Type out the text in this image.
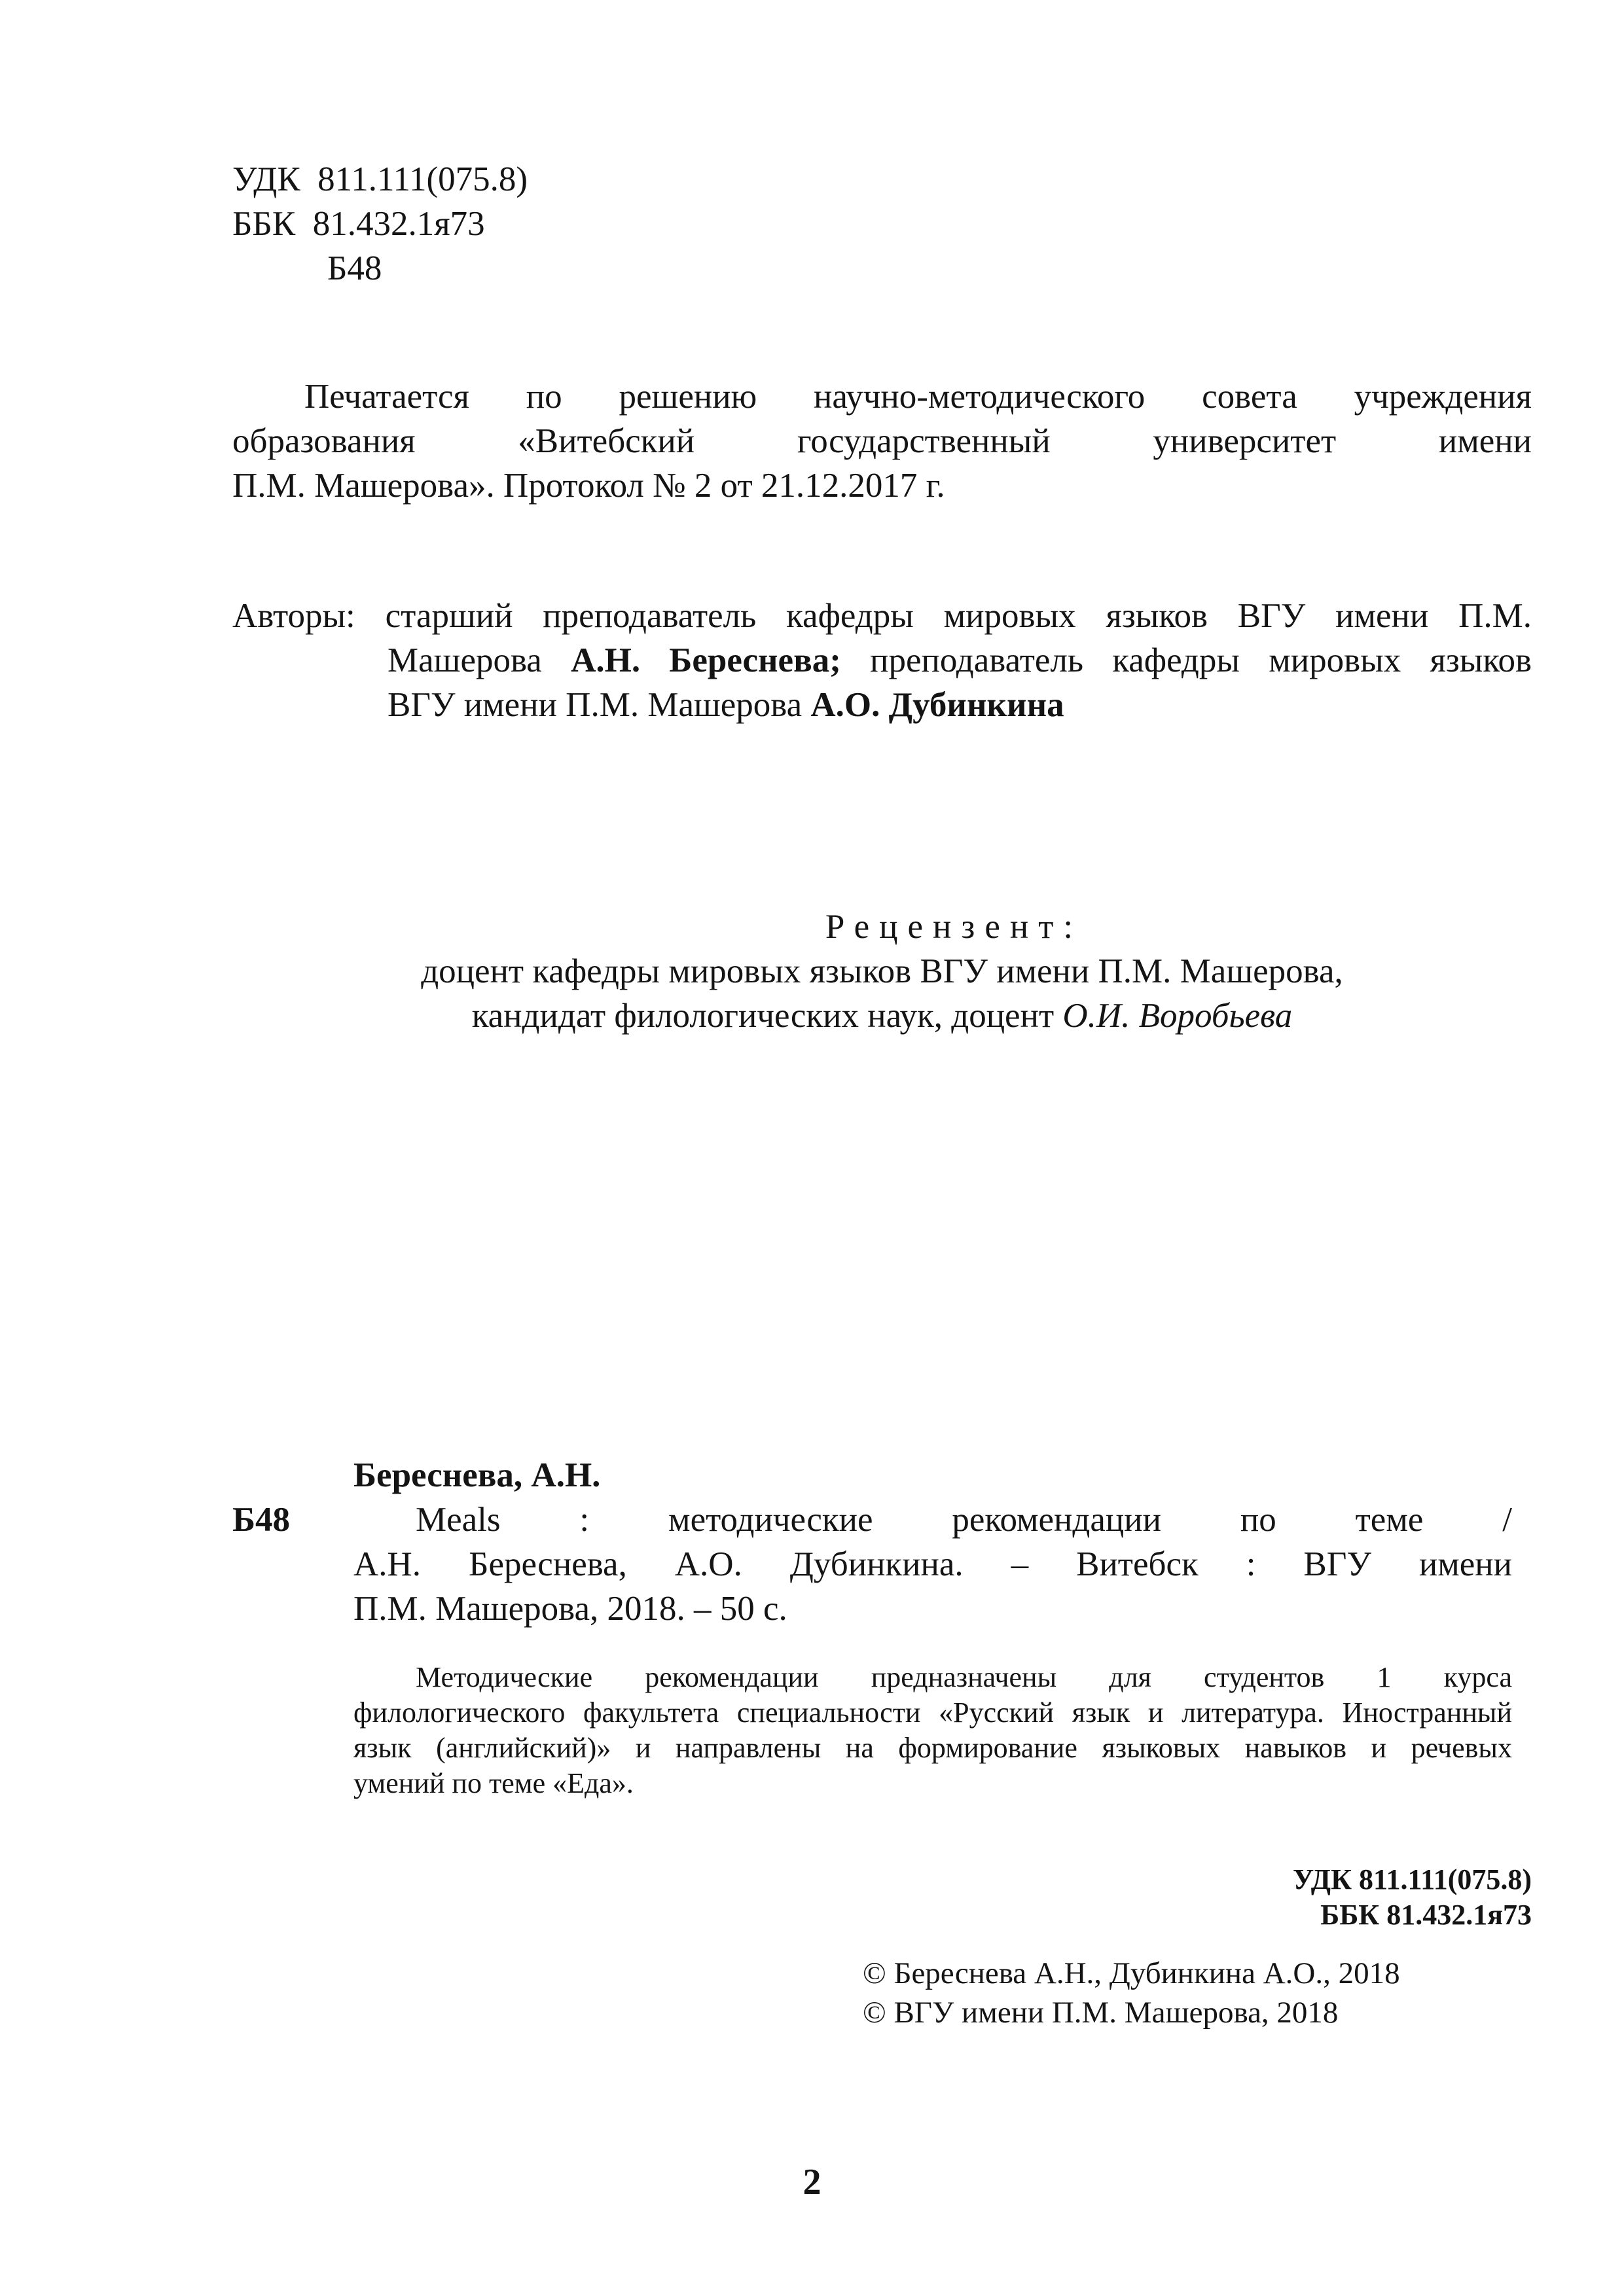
УДК 811.111(075.8)
ББК 81.432.1я73
Б48
Печатается по решению научно-методического совета учреждения
образования «Витебский государственный университет имени
П.М. Машерова». Протокол № 2 от 21.12.2017 г.
Авторы: старший преподаватель кафедры мировых языков ВГУ имени П.М.
Машерова А.Н. Береснева; преподаватель кафедры мировых языков
ВГУ имени П.М. Машерова А.О. Дубинкина
Рецензент:
доцент кафедры мировых языков ВГУ имени П.М. Машерова,
кандидат филологических наук, доцент О.И. Воробьева
Б48
Береснева, А.Н.
Meals : методические рекомендации по теме /
А.Н. Береснева, А.О. Дубинкина. – Витебск : ВГУ имени
П.М. Машерова, 2018. – 50 с.
Методические рекомендации предназначены для студентов 1 курса
филологического факультета специальности «Русский язык и литература. Иностранный
язык (английский)» и направлены на формирование языковых навыков и речевых
умений по теме «Еда».
УДК 811.111(075.8)
ББК 81.432.1я73
© Береснева А.Н., Дубинкина А.О., 2018
© ВГУ имени П.М. Машерова, 2018
2
